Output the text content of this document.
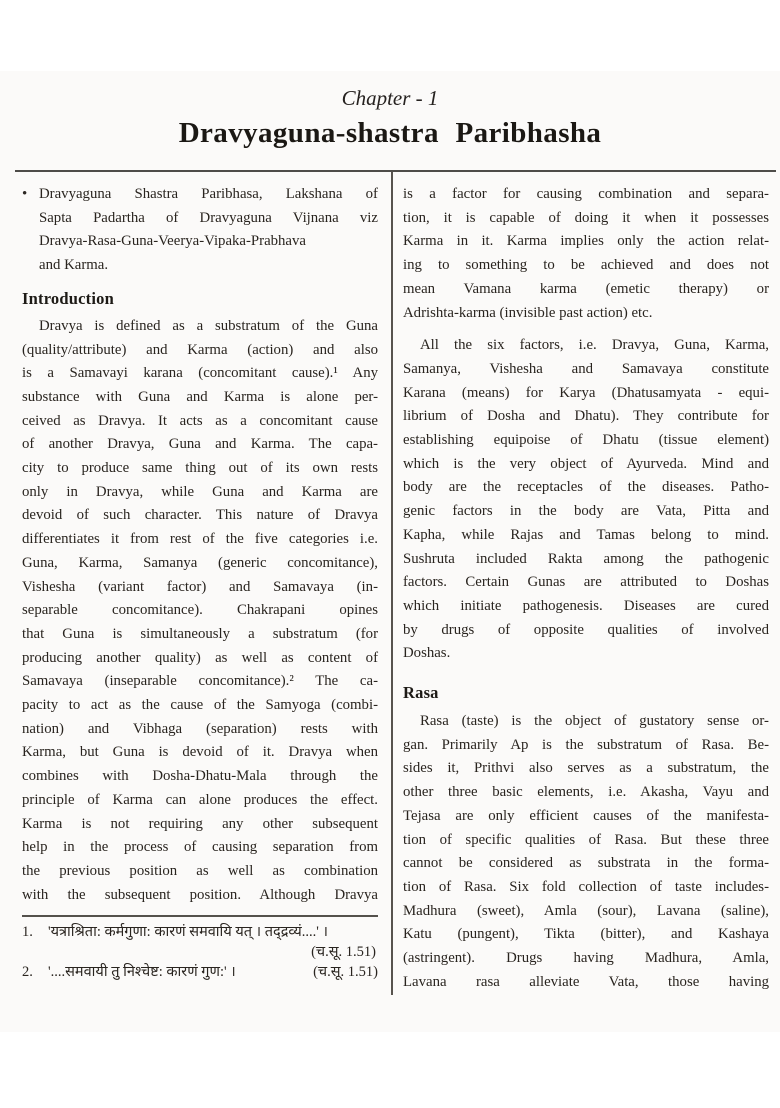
Chapter - 1
Dravyaguna-shastra Paribhasha
• Dravyaguna Shastra Paribhasa, Lakshana of
Sapta Padartha of Dravyaguna Vijnana viz
Dravya-Rasa-Guna-Veerya-Vipaka-Prabhava
and Karma.
Introduction
Dravya is defined as a substratum of the Guna
(quality/attribute) and Karma (action) and also
is a Samavayi karana (concomitant cause).¹ Any
substance with Guna and Karma is alone per-
ceived as Dravya. It acts as a concomitant cause
of another Dravya, Guna and Karma. The capa-
city to produce same thing out of its own rests
only in Dravya, while Guna and Karma are
devoid of such character. This nature of Dravya
differentiates it from rest of the five categories i.e.
Guna, Karma, Samanya (generic concomitance),
Vishesha (variant factor) and Samavaya (in-
separable concomitance). Chakrapani opines
that Guna is simultaneously a substratum (for
producing another quality) as well as content of
Samavaya (inseparable concomitance).² The ca-
pacity to act as the cause of the Samyoga (combi-
nation) and Vibhaga (separation) rests with
Karma, but Guna is devoid of it. Dravya when
combines with Dosha-Dhatu-Mala through the
principle of Karma can alone produces the effect.
Karma is not requiring any other subsequent
help in the process of causing separation from
the previous position as well as combination
with the subsequent position. Although Dravya
1. 'यत्राश्रिता: कर्मगुणा: कारणं समवायि यत् । तद्द्रव्यं....' ।
(च.सू. 1.51)
2. '....समवायी तु निश्चेष्ट: कारणं गुण:' ।	(च.सू. 1.51)
is a factor for causing combination and separa-
tion, it is capable of doing it when it possesses
Karma in it. Karma implies only the action relat-
ing to something to be achieved and does not
mean Vamana karma (emetic therapy) or
Adrishta-karma (invisible past action) etc.
All the six factors, i.e. Dravya, Guna, Karma,
Samanya, Vishesha and Samavaya constitute
Karana (means) for Karya (Dhatusamyata - equi-
librium of Dosha and Dhatu). They contribute for
establishing equipoise of Dhatu (tissue element)
which is the very object of Ayurveda. Mind and
body are the receptacles of the diseases. Patho-
genic factors in the body are Vata, Pitta and
Kapha, while Rajas and Tamas belong to mind.
Sushruta included Rakta among the pathogenic
factors. Certain Gunas are attributed to Doshas
which initiate pathogenesis. Diseases are cured
by drugs of opposite qualities of involved
Doshas.
Rasa
Rasa (taste) is the object of gustatory sense or-
gan. Primarily Ap is the substratum of Rasa. Be-
sides it, Prithvi also serves as a substratum, the
other three basic elements, i.e. Akasha, Vayu and
Tejasa are only efficient causes of the manifesta-
tion of specific qualities of Rasa. But these three
cannot be considered as substrata in the forma-
tion of Rasa. Six fold collection of taste includes-
Madhura (sweet), Amla (sour), Lavana (saline),
Katu (pungent), Tikta (bitter), and Kashaya
(astringent). Drugs having Madhura, Amla,
Lavana rasa alleviate Vata, those having
